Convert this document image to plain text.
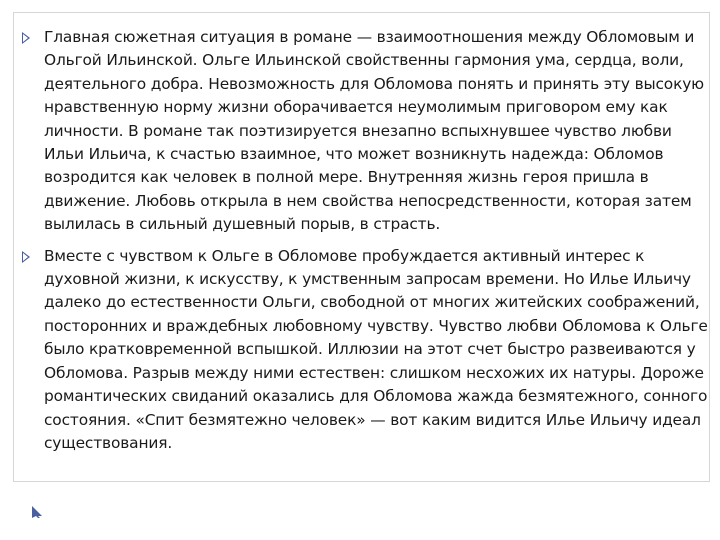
Главная сюжетная ситуация в романе — взаимоотношения между Обломовым и Ольгой Ильинской. Ольге Ильинской свойственны гармония ума, сердца, воли, деятельного добра. Невозможность для Обломова понять и принять эту высокую нравственную норму жизни оборачивается неумолимым приговором ему как личности. В романе так поэтизируется внезапно вспыхнувшее чувство любви Ильи Ильича, к счастью взаимное, что может возникнуть надежда: Обломов возродится как человек в полной мере. Внутренняя жизнь героя пришла в движение. Любовь открыла в нем свойства непосредственности, которая затем вылилась в сильный душевный порыв, в страсть.
Вместе с чувством к Ольге в Обломове пробуждается активный интерес к духовной жизни, к искусству, к умственным запросам времени. Но Илье Ильичу далеко до естественности Ольги, свободной от многих житейских соображений, посторонних и враждебных любовному чувству. Чувство любви Обломова к Ольге было кратковременной вспышкой. Иллюзии на этот счет быстро развеиваются у Обломова. Разрыв между ними естествен: слишком несхожих их натуры. Дороже романтических свиданий оказались для Обломова жажда безмятежного, сонного состояния. «Спит безмятежно человек» — вот каким видится Илье Ильичу идеал существования.
